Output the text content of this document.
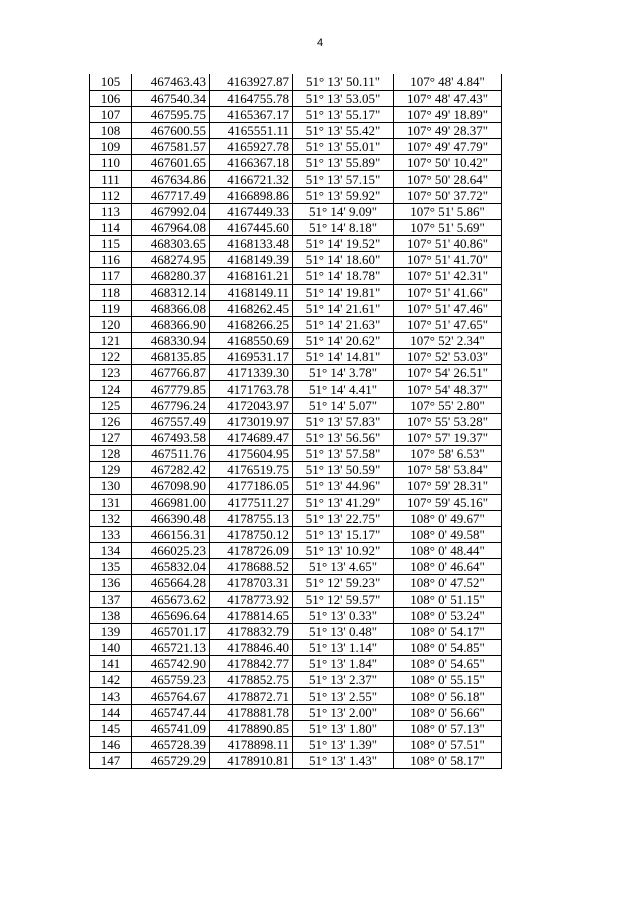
4
105	467463.43	4163927.87	51° 13' 50.11"	107° 48' 4.84"
106	467540.34	4164755.78	51° 13' 53.05"	107° 48' 47.43"
107	467595.75	4165367.17	51° 13' 55.17"	107° 49' 18.89"
108	467600.55	4165551.11	51° 13' 55.42"	107° 49' 28.37"
109	467581.57	4165927.78	51° 13' 55.01"	107° 49' 47.79"
110	467601.65	4166367.18	51° 13' 55.89"	107° 50' 10.42"
111	467634.86	4166721.32	51° 13' 57.15"	107° 50' 28.64"
112	467717.49	4166898.86	51° 13' 59.92"	107° 50' 37.72"
113	467992.04	4167449.33	51° 14' 9.09"	107° 51' 5.86"
114	467964.08	4167445.60	51° 14' 8.18"	107° 51' 5.69"
115	468303.65	4168133.48	51° 14' 19.52"	107° 51' 40.86"
116	468274.95	4168149.39	51° 14' 18.60"	107° 51' 41.70"
117	468280.37	4168161.21	51° 14' 18.78"	107° 51' 42.31"
118	468312.14	4168149.11	51° 14' 19.81"	107° 51' 41.66"
119	468366.08	4168262.45	51° 14' 21.61"	107° 51' 47.46"
120	468366.90	4168266.25	51° 14' 21.63"	107° 51' 47.65"
121	468330.94	4168550.69	51° 14' 20.62"	107° 52' 2.34"
122	468135.85	4169531.17	51° 14' 14.81"	107° 52' 53.03"
123	467766.87	4171339.30	51° 14' 3.78"	107° 54' 26.51"
124	467779.85	4171763.78	51° 14' 4.41"	107° 54' 48.37"
125	467796.24	4172043.97	51° 14' 5.07"	107° 55' 2.80"
126	467557.49	4173019.97	51° 13' 57.83"	107° 55' 53.28"
127	467493.58	4174689.47	51° 13' 56.56"	107° 57' 19.37"
128	467511.76	4175604.95	51° 13' 57.58"	107° 58' 6.53"
129	467282.42	4176519.75	51° 13' 50.59"	107° 58' 53.84"
130	467098.90	4177186.05	51° 13' 44.96"	107° 59' 28.31"
131	466981.00	4177511.27	51° 13' 41.29"	107° 59' 45.16"
132	466390.48	4178755.13	51° 13' 22.75"	108° 0' 49.67"
133	466156.31	4178750.12	51° 13' 15.17"	108° 0' 49.58"
134	466025.23	4178726.09	51° 13' 10.92"	108° 0' 48.44"
135	465832.04	4178688.52	51° 13' 4.65"	108° 0' 46.64"
136	465664.28	4178703.31	51° 12' 59.23"	108° 0' 47.52"
137	465673.62	4178773.92	51° 12' 59.57"	108° 0' 51.15"
138	465696.64	4178814.65	51° 13' 0.33"	108° 0' 53.24"
139	465701.17	4178832.79	51° 13' 0.48"	108° 0' 54.17"
140	465721.13	4178846.40	51° 13' 1.14"	108° 0' 54.85"
141	465742.90	4178842.77	51° 13' 1.84"	108° 0' 54.65"
142	465759.23	4178852.75	51° 13' 2.37"	108° 0' 55.15"
143	465764.67	4178872.71	51° 13' 2.55"	108° 0' 56.18"
144	465747.44	4178881.78	51° 13' 2.00"	108° 0' 56.66"
145	465741.09	4178890.85	51° 13' 1.80"	108° 0' 57.13"
146	465728.39	4178898.11	51° 13' 1.39"	108° 0' 57.51"
147	465729.29	4178910.81	51° 13' 1.43"	108° 0' 58.17"
